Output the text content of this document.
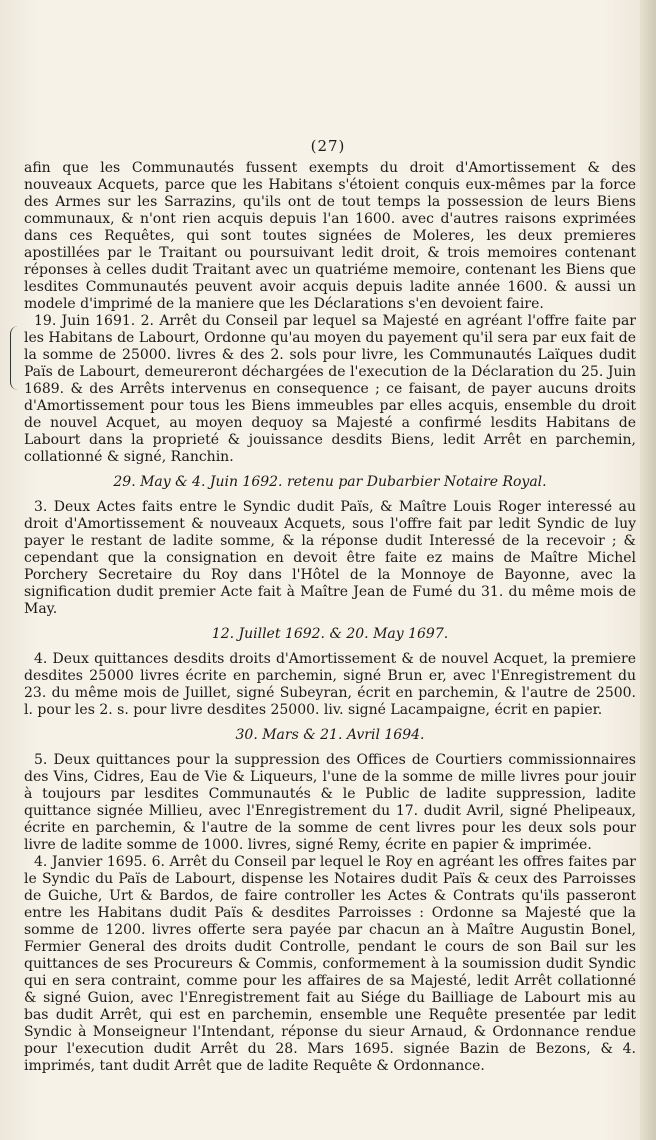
(27)

afin que les Communautés fussent exempts du droit d'Amortissement & des nouveaux Acquets, parce que les Habitans s'étoient conquis eux-mêmes par la force des Armes sur les Sarrazins, qu'ils ont de tout temps la possession de leurs Biens communaux, & n'ont rien acquis depuis l'an 1600. avec d'autres raisons exprimées dans ces Requêtes, qui sont toutes signées de Moleres, les deux premieres apostillées par le Traitant ou poursuivant ledit droit, & trois memoires contenant réponses à celles dudit Traitant avec un quatriéme memoire, contenant les Biens que lesdites Communautés peuvent avoir acquis depuis ladite année 1600. & aussi un modele d'imprimé de la maniere que les Déclarations s'en devoient faire.

19. Juin 1691. 2. Arrêt du Conseil par lequel sa Majesté en agréant l'offre faite par les Habitans de Labourt, Ordonne qu'au moyen du payement qu'il sera par eux fait de la somme de 25000. livres & des 2. sols pour livre, les Communautés Laïques dudit Païs de Labourt, demeureront déchargées de l'execution de la Déclaration du 25. Juin 1689. & des Arrêts intervenus en consequence ; ce faisant, de payer aucuns droits d'Amortissement pour tous les Biens immeubles par elles acquis, ensemble du droit de nouvel Acquet, au moyen dequoy sa Majesté a confirmé lesdits Habitans de Labourt dans la proprieté & jouissance desdits Biens, ledit Arrêt en parchemin, collationné & signé, Ranchin.

29. May & 4. Juin 1692. retenu par Dubarbier Notaire Royal.

3. Deux Actes faits entre le Syndic dudit Païs, & Maître Louis Roger interessé au droit d'Amortissement & nouveaux Acquets, sous l'offre fait par ledit Syndic de luy payer le restant de ladite somme, & la réponse dudit Interessé de la recevoir ; & cependant que la consignation en devoit être faite ez mains de Maître Michel Porchery Secretaire du Roy dans l'Hôtel de la Monnoye de Bayonne, avec la signification dudit premier Acte fait à Maître Jean de Fumé du 31. du même mois de May.

12. Juillet 1692. & 20. May 1697.

4. Deux quittances desdits droits d'Amortissement & de nouvel Acquet, la premiere desdites 25000 livres écrite en parchemin, signé Brun er, avec l'Enregistrement du 23. du même mois de Juillet, signé Subeyran, écrit en parchemin, & l'autre de 2500. l. pour les 2. s. pour livre desdites 25000. liv. signé Lacampaigne, écrit en papier.

30. Mars & 21. Avril 1694.

5. Deux quittances pour la suppression des Offices de Courtiers commissionnaires des Vins, Cidres, Eau de Vie & Liqueurs, l'une de la somme de mille livres pour jouir à toujours par lesdites Communautés & le Public de ladite suppression, ladite quittance signée Millieu, avec l'Enregistrement du 17. dudit Avril, signé Phelipeaux, écrite en parchemin, & l'autre de la somme de cent livres pour les deux sols pour livre de ladite somme de 1000. livres, signé Remy, écrite en papier & imprimée.

4. Janvier 1695. 6. Arrêt du Conseil par lequel le Roy en agréant les offres faites par le Syndic du Païs de Labourt, dispense les Notaires dudit Païs & ceux des Parroisses de Guiche, Urt & Bardos, de faire controller les Actes & Contrats qu'ils passeront entre les Habitans dudit Païs & desdites Parroisses : Ordonne sa Majesté que la somme de 1200. livres offerte sera payée par chacun an à Maître Augustin Bonel, Fermier General des droits dudit Controlle, pendant le cours de son Bail sur les quittances de ses Procureurs & Commis, conformement à la soumission dudit Syndic qui en sera contraint, comme pour les affaires de sa Majesté, ledit Arrêt collationné & signé Guion, avec l'Enregistrement fait au Siége du Bailliage de Labourt mis au bas dudit Arrêt, qui est en parchemin, ensemble une Requête presentée par ledit Syndic à Monseigneur l'Intendant, réponse du sieur Arnaud, & Ordonnance rendue pour l'execution dudit Arrêt du 28. Mars 1695. signée Bazin de Bezons, & 4. imprimés, tant dudit Arrêt que de ladite Requête & Ordonnance.
